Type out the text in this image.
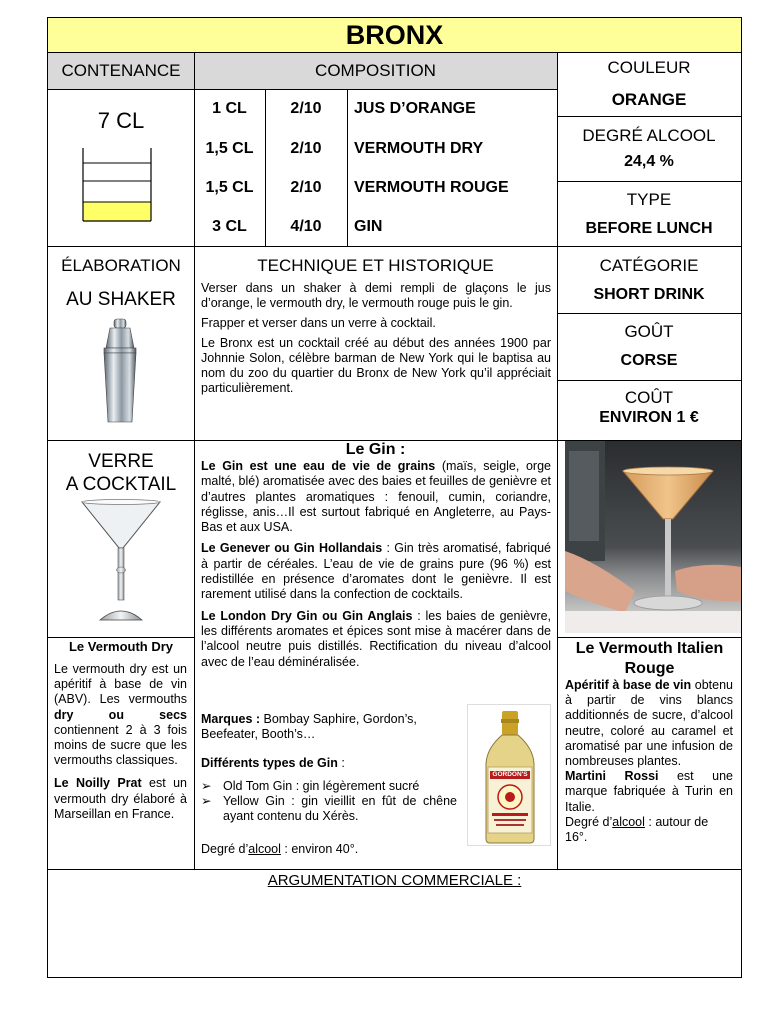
BRONX
CONTENANCE	COMPOSITION	COULEUR
ORANGE
7 CL	1 CL	2/10	JUS D’ORANGE
1,5 CL	2/10	VERMOUTH DRY
1,5 CL	2/10	VERMOUTH ROUGE
3 CL	4/10	GIN
DEGRÉ ALCOOL
24,4 %
TYPE
BEFORE LUNCH
CATÉGORIE
SHORT DRINK
GOÛT
CORSE
COÛT
ENVIRON 1 €
ÉLABORATION
AU SHAKER
TECHNIQUE ET HISTORIQUE

Verser dans un shaker à demi rempli de glaçons le jus d’orange, le vermouth dry, le vermouth rouge puis le gin.

Frapper et verser dans un verre à cocktail.

Le Bronx est un cocktail créé au début des années 1900 par Johnnie Solon, célèbre barman de New York qui le baptisa au nom du zoo du quartier du Bronx de New York qu’il appréciait particulièrement.

VERRE
A COCKTAIL
Le Gin :

Le Gin est une eau de vie de grains (maïs, seigle, orge malté, blé) aromatisée avec des baies et feuilles de genièvre et d’autres plantes aromatiques : fenouil, cumin, coriandre, réglisse, anis…Il est surtout fabriqué en Angleterre, au Pays-Bas et aux USA.

Le Genever ou Gin Hollandais : Gin très aromatisé, fabriqué à partir de céréales. L’eau de vie de grains pure (96 %) est redistillée en présence d’aromates dont le genièvre. Il est rarement utilisé dans la confection de cocktails.

Le London Dry Gin ou Gin Anglais : les baies de genièvre, les différents aromates et épices sont mise à macérer dans de l’alcool neutre puis distillés. Rectification du niveau d’alcool avec de l’eau déminéralisée.

Marques : Bombay Saphire, Gordon’s, Beefeater, Booth’s…
Différents types de Gin :
➢ Old Tom Gin : gin légèrement sucré
➢ Yellow Gin : gin vieillit en fût de chêne ayant contenu du Xérès.
Degré d’alcool : environ 40°.
GORDON'S
Le Vermouth Dry

Le vermouth dry est un apéritif à base de vin (ABV). Les vermouths dry ou secs contiennent 2 à 3 fois moins de sucre que les vermouths classiques.

Le Noilly Prat est un vermouth dry élaboré à Marseillan en France.

Le Vermouth Italien Rouge

Apéritif à base de vin obtenu à partir de vins blancs additionnés de sucre, d’alcool neutre, coloré au caramel et aromatisé par une infusion de nombreuses plantes.

Martini Rossi est une marque fabriquée à Turin en Italie.

Degré d’alcool : autour de 16°.

ARGUMENTATION COMMERCIALE :
